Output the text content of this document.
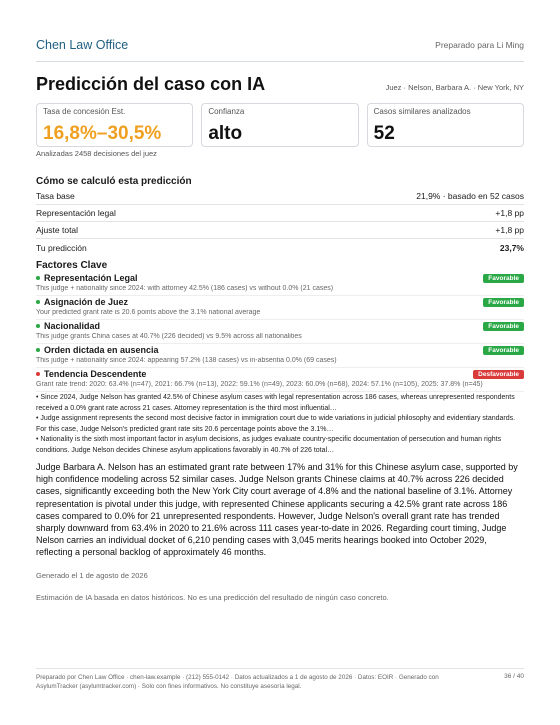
Chen Law Office	Preparado para Li Ming
Predicción del caso con IA	Juez · Nelson, Barbara A. · New York, NY
Tasa de concesión Est.
16,8%–30,5%
Confianza
alto
Casos similares analizados
52
Analizadas 2458 decisiones del juez
Cómo se calculó esta predicción
Tasa base	21,9% · basado en 52 casos
Representación legal	+1,8 pp
Ajuste total	+1,8 pp
Tu predicción	23,7%
Factores Clave
Representación Legal	Favorable
This judge + nationality since 2024: with attorney 42.5% (186 cases) vs without 0.0% (21 cases)
Asignación de Juez	Favorable
Your predicted grant rate is 20.6 points above the 3.1% national average
Nacionalidad	Favorable
This judge grants China cases at 40.7% (226 decided) vs 9.5% across all nationalities
Orden dictada en ausencia	Favorable
This judge + nationality since 2024: appearing 57.2% (138 cases) vs in-absentia 0.0% (69 cases)
Tendencia Descendente	Desfavorable
Grant rate trend: 2020: 63.4% (n=47), 2021: 66.7% (n=13), 2022: 59.1% (n=49), 2023: 60.0% (n=68), 2024: 57.1% (n=105), 2025: 37.8% (n=45)
• Since 2024, Judge Nelson has granted 42.5% of Chinese asylum cases with legal representation across 186 cases, whereas unrepresented respondents received a 0.0% grant rate across 21 cases. Attorney representation is the third most influential…
• Judge assignment represents the second most decisive factor in immigration court due to wide variations in judicial philosophy and evidentiary standards. For this case, Judge Nelson's predicted grant rate sits 20.6 percentage points above the 3.1%…
• Nationality is the sixth most important factor in asylum decisions, as judges evaluate country-specific documentation of persecution and human rights conditions. Judge Nelson decides Chinese asylum applications favorably in 40.7% of 226 total…
Judge Barbara A. Nelson has an estimated grant rate between 17% and 31% for this Chinese asylum case, supported by high confidence modeling across 52 similar cases. Judge Nelson grants Chinese claims at 40.7% across 226 decided cases, significantly exceeding both the New York City court average of 4.8% and the national baseline of 3.1%. Attorney representation is pivotal under this judge, with represented Chinese applicants securing a 42.5% grant rate across 186 cases compared to 0.0% for 21 unrepresented respondents. However, Judge Nelson's overall grant rate has trended sharply downward from 63.4% in 2020 to 21.6% across 111 cases year-to-date in 2026. Regarding court timing, Judge Nelson carries an individual docket of 6,210 pending cases with 3,045 merits hearings booked into October 2029, reflecting a personal backlog of approximately 46 months.
Generado el 1 de agosto de 2026
Estimación de IA basada en datos históricos. No es una predicción del resultado de ningún caso concreto.
Preparado por Chen Law Office · chen-law.example · (212) 555-0142 · Datos actualizados a 1 de agosto de 2026 · Datos: EOIR · Generado con AsylumTracker (asylumtracker.com) · Solo con fines informativos. No constituye asesoría legal.
36 / 40
